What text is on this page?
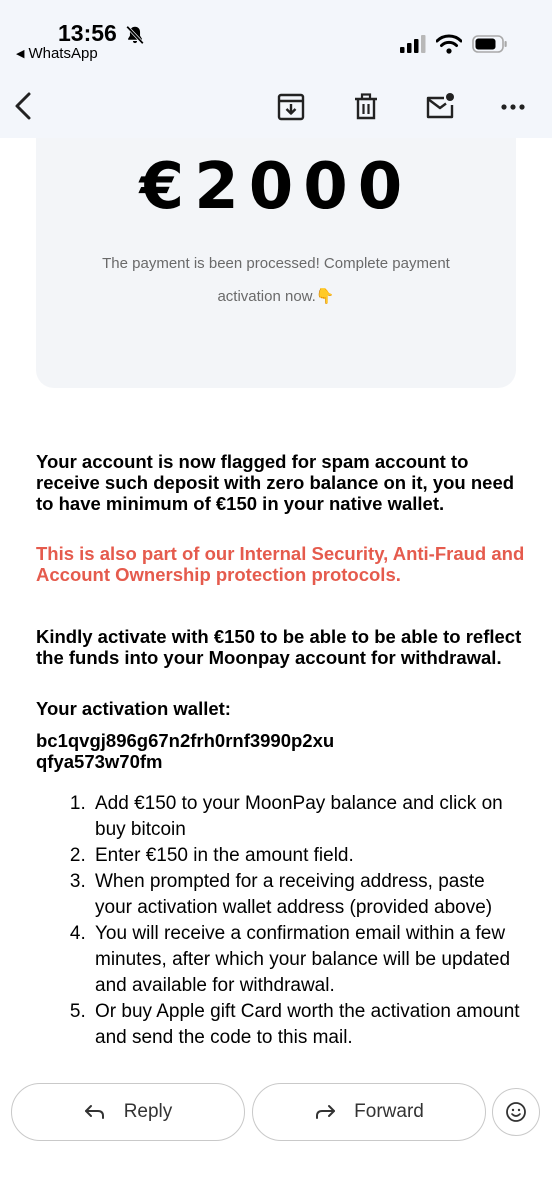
13:56
◀ WhatsApp
€2000
The payment is been processed! Complete payment
activation now.👇
Your account is now flagged for spam account to receive such deposit with zero balance on it, you need to have minimum of €150 in your native wallet.
This is also part of our Internal Security, Anti-Fraud and Account Ownership protection protocols.
Kindly activate with €150 to be able to be able to reflect the funds into your Moonpay account for withdrawal.
Your activation wallet:
bc1qvgj896g67n2frh0rnf3990p2xu
qfya573w70fm
1. Add €150 to your MoonPay balance and click on buy bitcoin
2. Enter €150 in the amount field.
3. When prompted for a receiving address, paste your activation wallet address (provided above)
4. You will receive a confirmation email within a few minutes, after which your balance will be updated and available for withdrawal.
5. Or buy Apple gift Card worth the activation amount and send the code to this mail.
Reply	Forward
